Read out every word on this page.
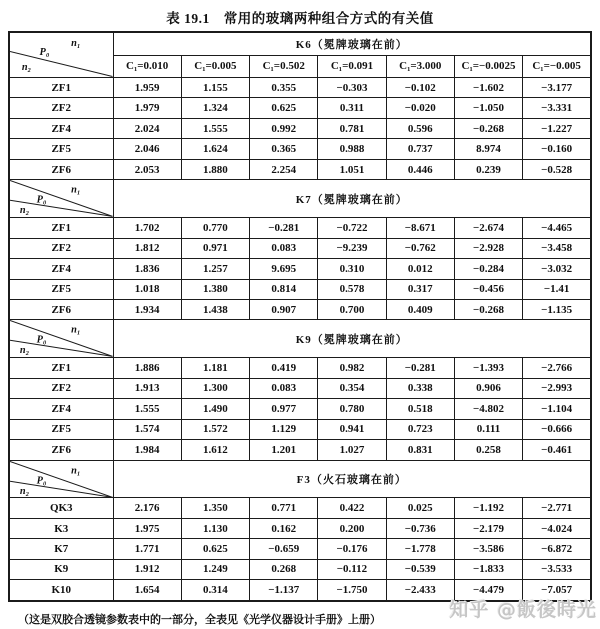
表 19.1　常用的玻璃两种组合方式的有关值
n₁
P₀
n₂	K6（冕牌玻璃在前）						
	C₁=0.010	C₁=0.005	C₁=0.502	C₁=0.091	C₁=3.000	C₁=−0.0025	C₁=−0.005
ZF1	1.959	1.155	0.355	−0.303	−0.102	−1.602	−3.177
ZF2	1.979	1.324	0.625	0.311	−0.020	−1.050	−3.331
ZF4	2.024	1.555	0.992	0.781	0.596	−0.268	−1.227
ZF5	2.046	1.624	0.365	0.988	0.737	8.974	−0.160
ZF6	2.053	1.880	2.254	1.051	0.446	0.239	−0.528

n₁
P₀
n₂	K7（冕牌玻璃在前）						
ZF1	1.702	0.770	−0.281	−0.722	−8.671	−2.674	−4.465
ZF2	1.812	0.971	0.083	−9.239	−0.762	−2.928	−3.458
ZF4	1.836	1.257	9.695	0.310	0.012	−0.284	−3.032
ZF5	1.018	1.380	0.814	0.578	0.317	−0.456	−1.41
ZF6	1.934	1.438	0.907	0.700	0.409	−0.268	−1.135

n₁
P₀
n₂	K9（冕牌玻璃在前）						
ZF1	1.886	1.181	0.419	0.982	−0.281	−1.393	−2.766
ZF2	1.913	1.300	0.083	0.354	0.338	0.906	−2.993
ZF4	1.555	1.490	0.977	0.780	0.518	−4.802	−1.104
ZF5	1.574	1.572	1.129	0.941	0.723	0.111	−0.666
ZF6	1.984	1.612	1.201	1.027	0.831	0.258	−0.461

n₁
P₀
n₂	F3（火石玻璃在前）						
QK3	2.176	1.350	0.771	0.422	0.025	−1.192	−2.771
K3	1.975	1.130	0.162	0.200	−0.736	−2.179	−4.024
K7	1.771	0.625	−0.659	−0.176	−1.778	−3.586	−6.872
K9	1.912	1.249	0.268	−0.112	−0.539	−1.833	−3.533
K10	1.654	0.314	−1.137	−1.750	−2.433	−4.479	−7.057
（这是双胶合透镜参数表中的一部分，全表见《光学仪器设计手册》上册）	知乎 @飯後時光
